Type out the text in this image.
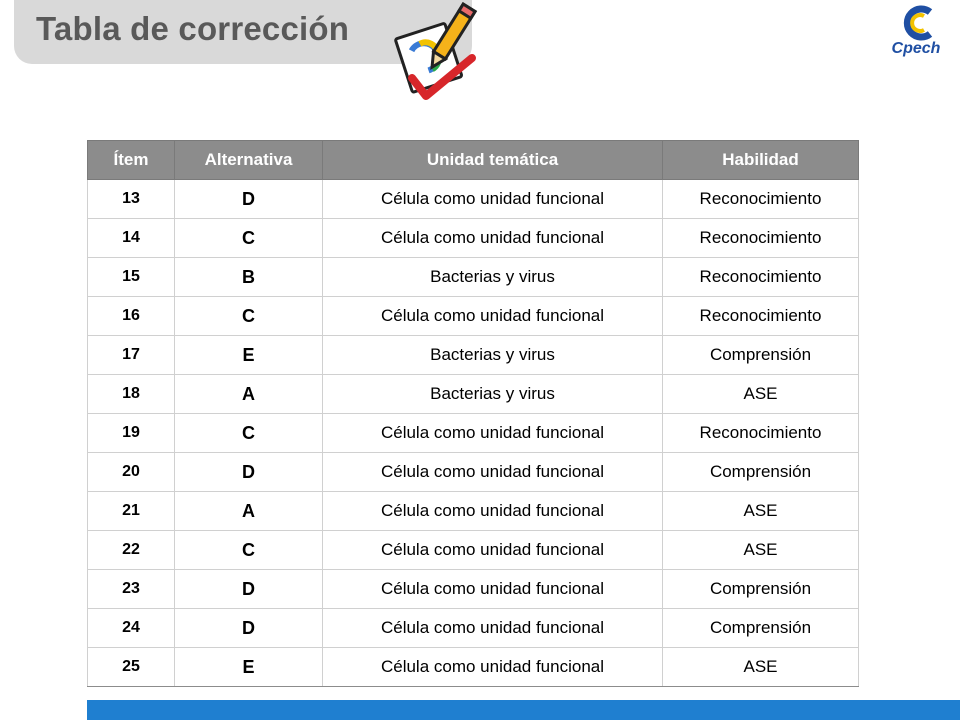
Tabla de corrección
Cpech
Ítem	Alternativa	Unidad temática	Habilidad
13	D	Célula como unidad funcional	Reconocimiento
14	C	Célula como unidad funcional	Reconocimiento
15	B	Bacterias y virus	Reconocimiento
16	C	Célula como unidad funcional	Reconocimiento
17	E	Bacterias y virus	Comprensión
18	A	Bacterias y virus	ASE
19	C	Célula como unidad funcional	Reconocimiento
20	D	Célula como unidad funcional	Comprensión
21	A	Célula como unidad funcional	ASE
22	C	Célula como unidad funcional	ASE
23	D	Célula como unidad funcional	Comprensión
24	D	Célula como unidad funcional	Comprensión
25	E	Célula como unidad funcional	ASE
